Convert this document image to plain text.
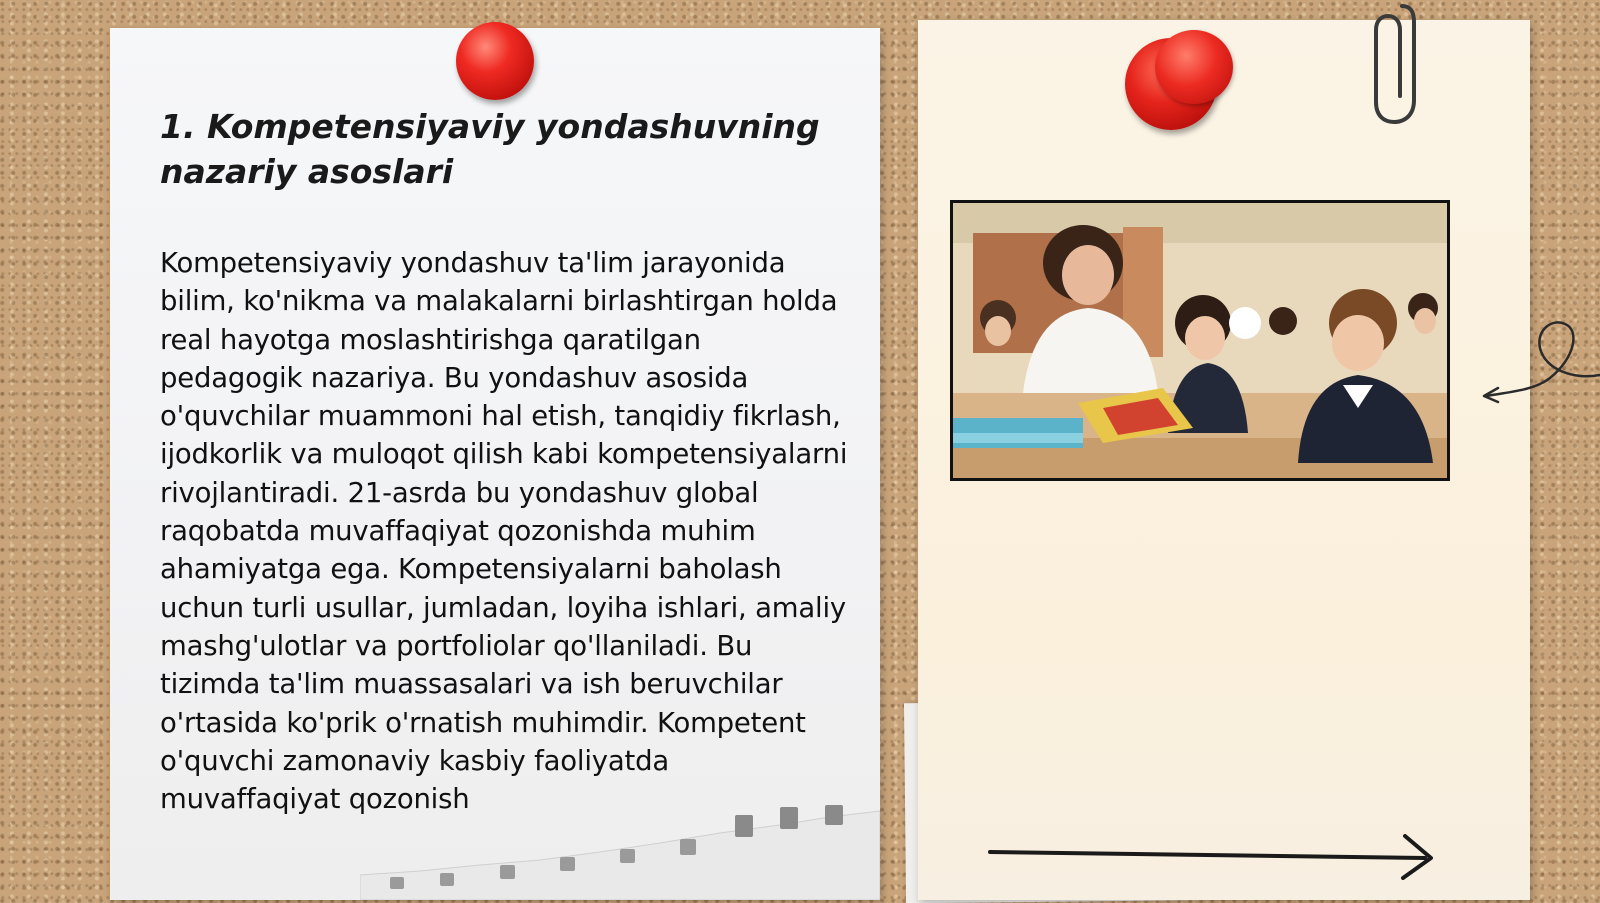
1. Kompetensiyaviy yondashuvning nazariy asoslari

Kompetensiyaviy yondashuv ta'lim jarayonida bilim, ko'nikma va malakalarni birlashtirgan holda real hayotga moslashtirishga qaratilgan pedagogik nazariya. Bu yondashuv asosida o'quvchilar muammoni hal etish, tanqidiy fikrlash, ijodkorlik va muloqot qilish kabi kompetensiyalarni rivojlantiradi. 21-asrda bu yondashuv global raqobatda muvaffaqiyat qozonishda muhim ahamiyatga ega. Kompetensiyalarni baholash uchun turli usullar, jumladan, loyiha ishlari, amaliy mashg'ulotlar va portfoliolar qo'llaniladi. Bu tizimda ta'lim muassasalari va ish beruvchilar o'rtasida ko'prik o'rnatish muhimdir. Kompetent o'quvchi zamonaviy kasbiy faoliyatda muvaffaqiyat qozonish
